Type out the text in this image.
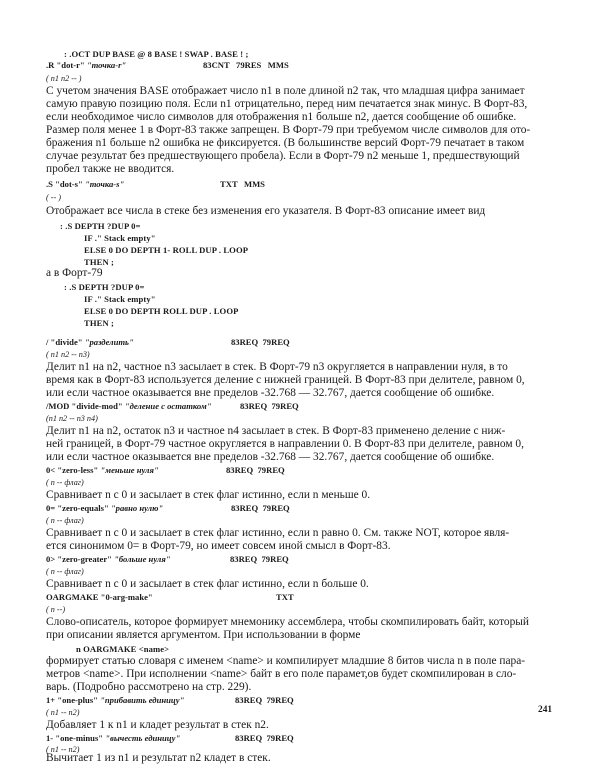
: .OCT DUP BASE @ 8 BASE ! SWAP . BASE ! ;
.R "dot-r" "точка-r"	83CNT   79RES   MMS
( n1 n2 -- )
С учетом значения BASE отображает число n1 в поле длиной n2 так, что младшая цифра занимает
самую правую позицию поля. Если n1 отрицательно, перед ним печатается знак минус. В Форт-83,
если необходимое число символов для отображения n1 больше n2, дается сообщение об ошибке.
Размер поля менее 1 в Форт-83 также запрещен. В Форт-79 при требуемом числе символов для ото-
бражения n1 больше n2 ошибка не фиксируется. (В большинстве версий Форт-79 печатает в таком
случае результат без предшествующего пробела). Если в Форт-79 n2 меньше 1, предшествующий
пробел также не вводится.
.S "dot-s" "точка-s"	TXT   MMS
( -- )
Отображает все числа в стеке без изменения его указателя. В Форт-83 описание имеет вид
: .S DEPTH ?DUP 0=
IF ." Stack empty"
ELSE 0 DO DEPTH 1- ROLL DUP . LOOP
THEN ;
а в Форт-79
: .S DEPTH ?DUP 0=
IF ." Stack empty"
ELSE 0 DO DEPTH ROLL DUP . LOOP
THEN ;
/ "divide" "разделить"	83REQ  79REQ
( n1 n2 -- n3)
Делит n1 на n2, частное n3 засылает в стек. В Форт-79 n3 округляется в направлении нуля, в то
время как в Форт-83 используется деление с нижней границей. В Форт-83 при делителе, равном 0,
или если частное оказывается вне пределов -32.768 — 32.767, дается сообщение об ошибке.
/MOD "divide-mod" "деление с остатком"	83REQ  79REQ
(n1 n2 -- n3 n4)
Делит n1 на n2, остаток n3 и частное n4 засылает в стек. В Форт-83 применено деление с ниж-
ней границей, в Форт-79 частное округляется в направлении 0. В Форт-83 при делителе, равном 0,
или если частное оказывается вне пределов -32.768 — 32.767, дается сообщение об ошибке.
0< "zero-less" "меньше нуля"	83REQ  79REQ
( n -- флаг)
Сравнивает n с 0 и засылает в стек флаг истинно, если n меньше 0.
0= "zero-equals" "равно нулю"	83REQ  79REQ
( n -- флаг)
Сравнивает n с 0 и засылает в стек флаг истинно, если n равно 0. См. также NOT, которое явля-
ется синонимом 0= в Форт-79, но имеет совсем иной смысл в Форт-83.
0> "zero-greater" "больше нуля"	83REQ  79REQ
( n -- флаг)
Сравнивает n с 0 и засылает в стек флаг истинно, если n больше 0.
OARGMAKE "0-arg-make"	TXT
( n --)
Слово-описатель, которое формирует мнемонику ассемблера, чтобы скомпилировать байт, который
при описании является аргументом. При использовании в форме
n OARGMAKE <name>
формирует статью словаря с именем <name> и компилирует младшие 8 битов числа n в поле пара-
метров <name>. При исполнении <name> байт в его поле парамет,ов будет скомпилирован в сло-
варь. (Подробно рассмотрено на стр. 229).
1+ "one-plus" "прибавить единицу"	83REQ  79REQ
( n1 -- n2)
Добавляет 1 к n1 и кладет результат в стек n2.
1- "one-minus" "вычесть единицу"	83REQ  79REQ
( n1 -- n2)
Вычитает 1 из n1 и результат n2 кладет в стек.
241
